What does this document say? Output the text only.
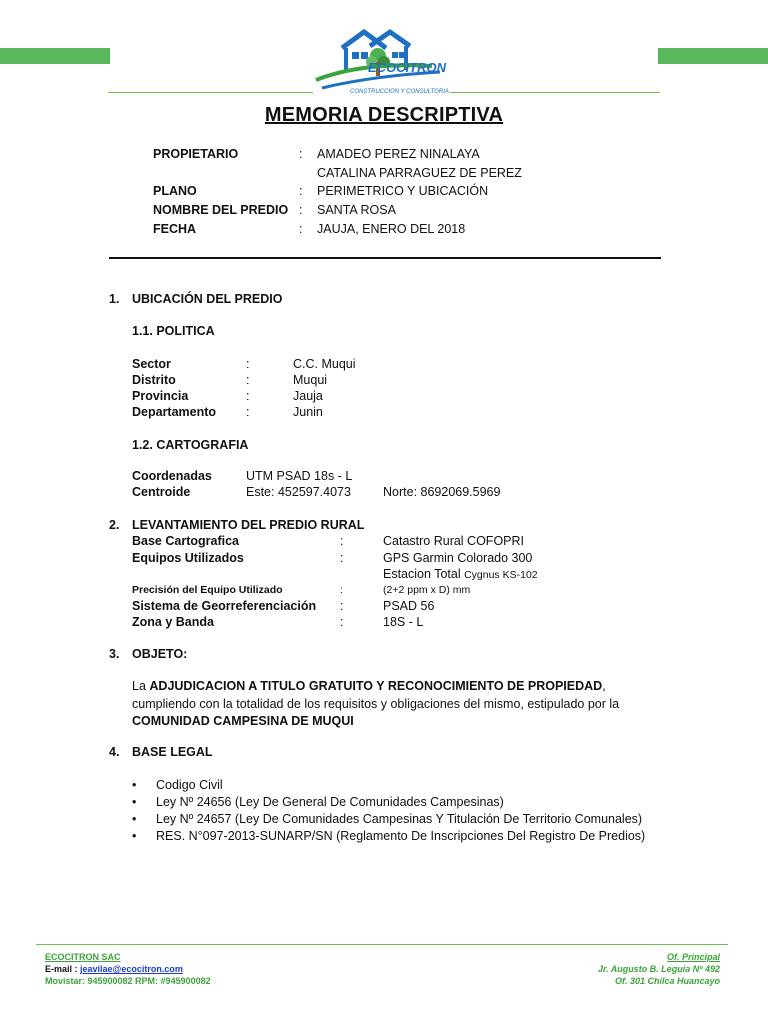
ECOCITRON
CONSTRUCCION Y CONSULTORIA
MEMORIA DESCRIPTIVA
PROPIETARIO	: AMADEO PEREZ NINALAYA
CATALINA PARRAGUEZ DE PEREZ
PLANO	: PERIMETRICO Y UBICACIÓN
NOMBRE DEL PREDIO : SANTA ROSA
FECHA	: JAUJA, ENERO DEL 2018
1. UBICACIÓN DEL PREDIO
1.1. POLITICA
Sector	:	C.C. Muqui
Distrito	:	Muqui
Provincia	:	Jauja
Departamento :	Junin
1.2. CARTOGRAFIA
Coordenadas	UTM PSAD 18s - L
Centroide	Este: 452597.4073	Norte: 8692069.5969
2. LEVANTAMIENTO DEL PREDIO RURAL
Base Cartografica	:	Catastro Rural COFOPRI
Equipos Utilizados	:	GPS Garmin Colorado 300
Estacion Total Cygnus KS-102
Precisión del Equipo Utilizado	:	(2+2 ppm x D) mm
Sistema de Georreferenciación :	PSAD 56
Zona y Banda	:	18S - L
3. OBJETO:
La ADJUDICACION A TITULO GRATUITO Y RECONOCIMIENTO DE PROPIEDAD, cumpliendo con la totalidad de los requisitos y obligaciones del mismo, estipulado por la COMUNIDAD CAMPESINA DE MUQUI
4. BASE LEGAL
• Codigo Civil
• Ley Nº 24656 (Ley De General De Comunidades Campesinas)
• Ley Nº 24657 (Ley De Comunidades Campesinas Y Titulación De Territorio Comunales)
• RES. N°097-2013-SUNARP/SN (Reglamento De Inscripciones Del Registro De Predios)
ECOCITRON SAC
E-mail : jeavilae@ecocitron.com
Movistar: 945900082 RPM: #945900082
Of. Principal
Jr. Augusto B. Leguía Nº 492
Of. 301 Chilca Huancayo
